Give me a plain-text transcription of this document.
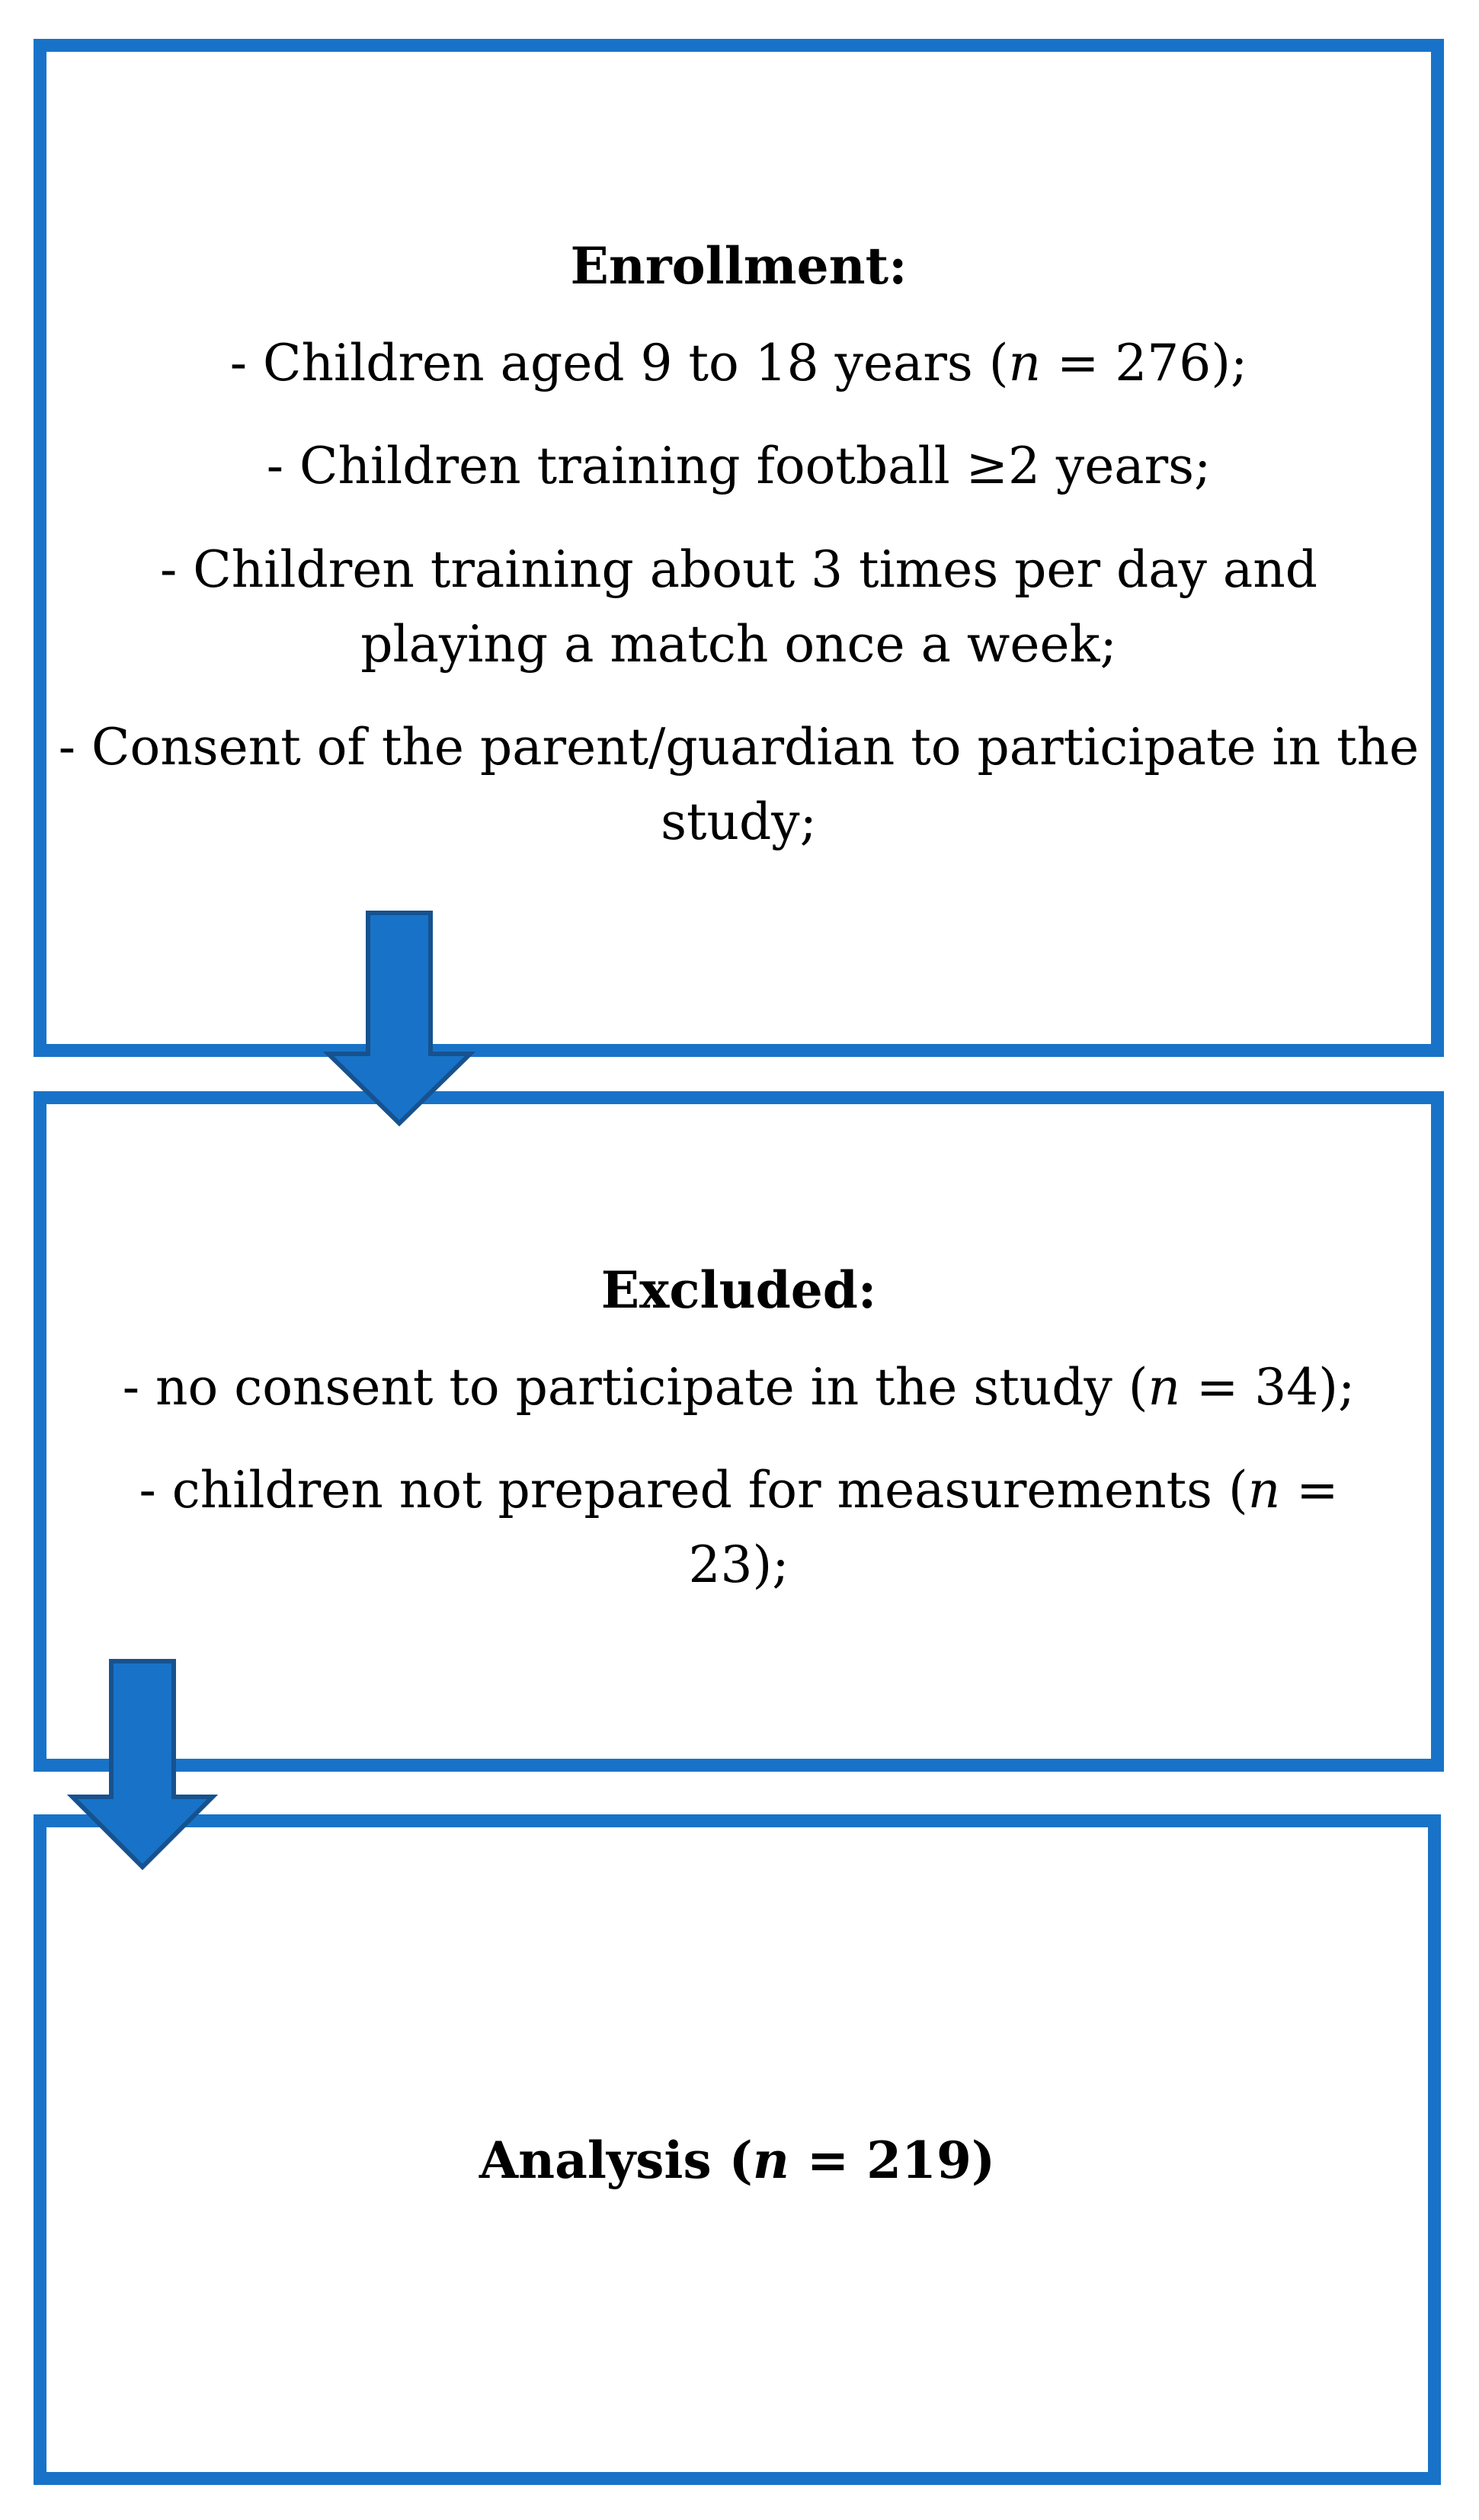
Enrollment:
- Children aged 9 to 18 years (n = 276);
- Children training football ≥2 years;
- Children training about 3 times per day and playing a match once a week;
- Consent of the parent/guardian to participate in the study;
Excluded:
- no consent to participate in the study (n = 34);
- children not prepared for measurements (n = 23);
Analysis (n = 219)
